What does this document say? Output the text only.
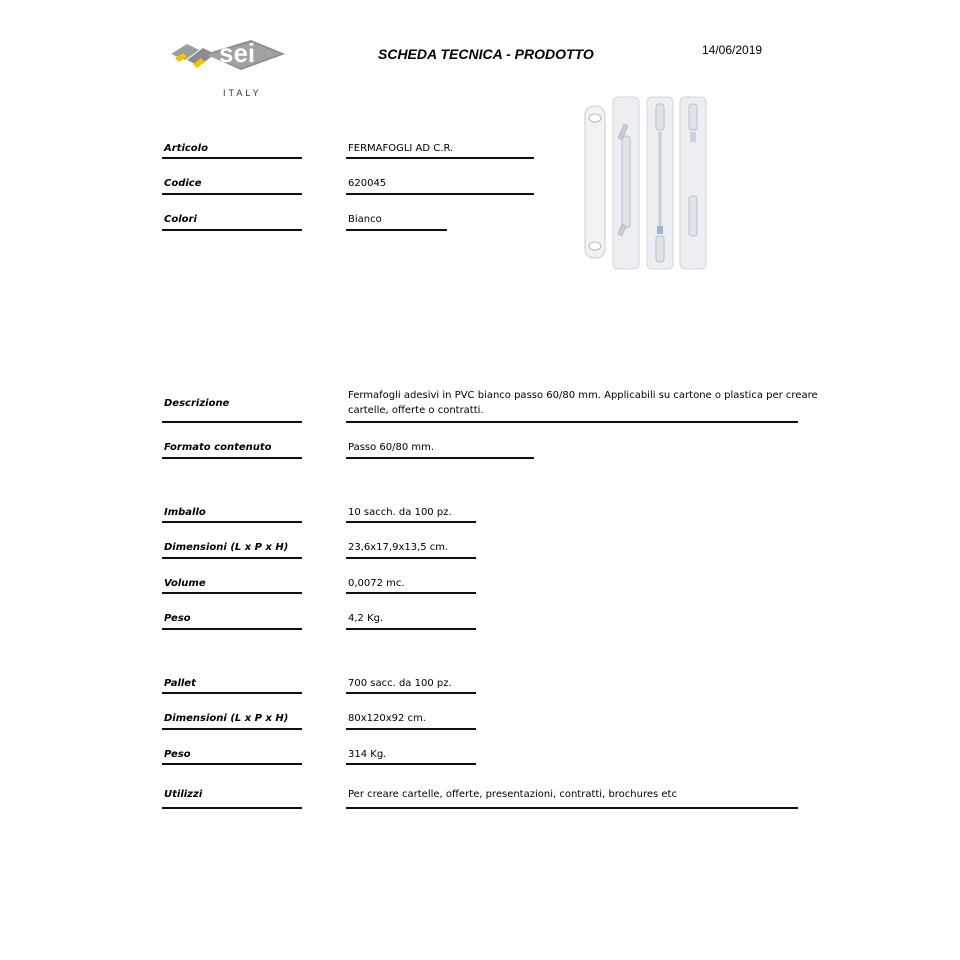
sei
ITALY
SCHEDA TECNICA - PRODOTTO	14/06/2019
Articolo	FERMAFOGLI AD C.R.
Codice	620045
Colori	Bianco
Descrizione
Fermafogli adesivi in PVC bianco passo 60/80 mm. Applicabili su cartone o plastica per creare
cartelle, offerte o contratti.
Formato contenuto	Passo 60/80 mm.
Imballo	10 sacch. da 100 pz.
Dimensioni (L x P x H)	23,6x17,9x13,5 cm.
Volume	0,0072 mc.
Peso	4,2 Kg.
Pallet	700 sacc. da 100 pz.
Dimensioni (L x P x H)	80x120x92 cm.
Peso	314 Kg.
Utilizzi	Per creare cartelle, offerte, presentazioni, contratti, brochures etc
